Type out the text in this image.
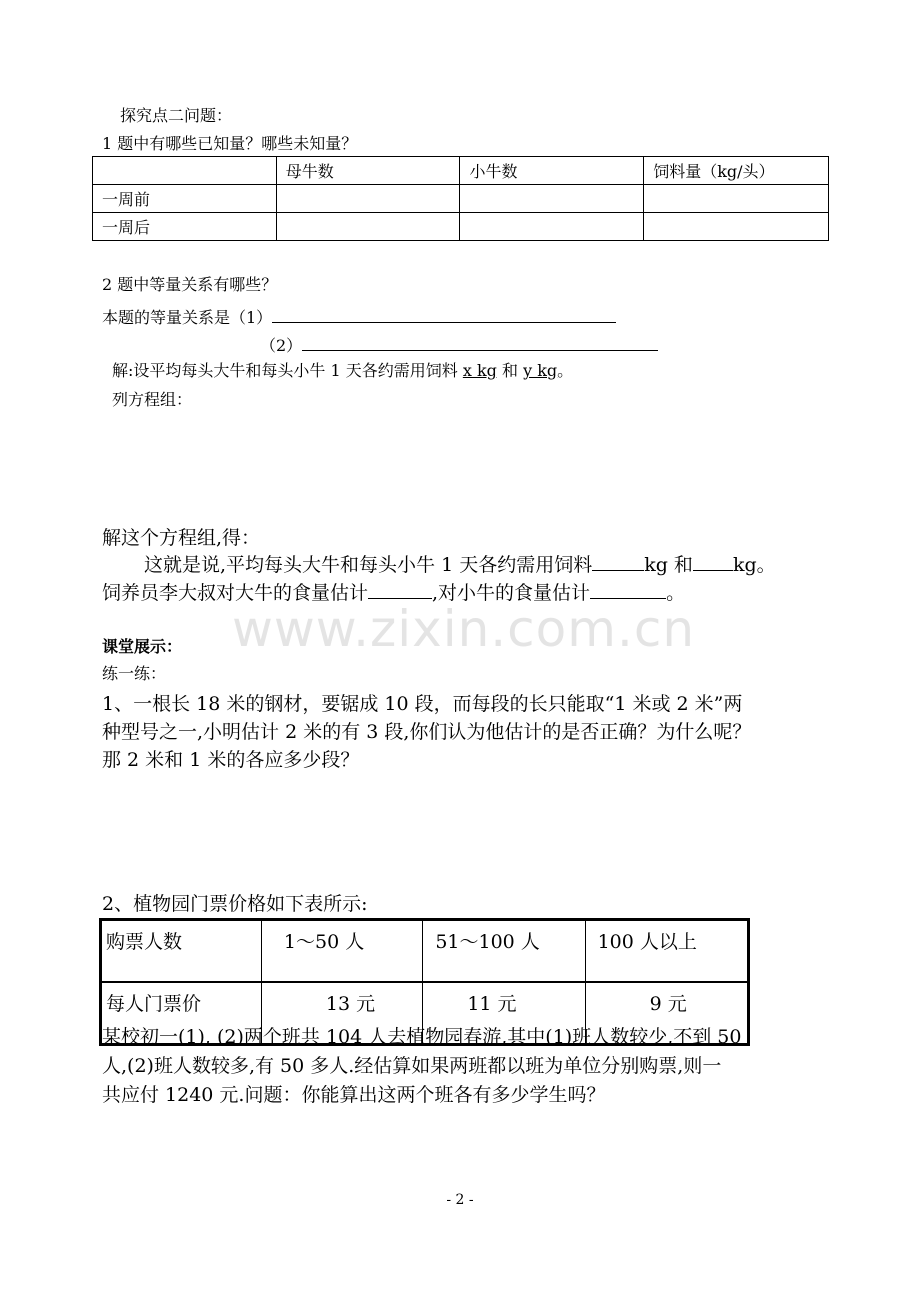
www.zixin.com.cn
探究点二问题：
1 题中有哪些已知量？哪些未知量？
	母牛数	小牛数	饲料量（kg/头）
一周前			
一周后			
2 题中等量关系有哪些？
本题的等量关系是（1）
（2）
解:设平均每头大牛和每头小牛 1 天各约需用饲料 x kg 和 y kg。
列方程组：
解这个方程组,得：
这就是说,平均每头大牛和每头小牛 1 天各约需用饲料	kg 和 kg。
饲养员李大叔对大牛的食量估计	,对小牛的食量估计	。
课堂展示：
练一练：
1、一根长 18 米的钢材，要锯成 10 段，而每段的长只能取“1 米或 2 米”两
种型号之一,小明估计 2 米的有 3 段,你们认为他估计的是否正确？为什么呢？
那 2 米和 1 米的各应多少段？
2、植物园门票价格如下表所示:
购票人数	1～50 人	51～100 人	100 人以上
每人门票价	13 元	11 元	9 元
某校初一(1), (2)两个班共 104 人去植物园春游,其中(1)班人数较少,不到 50
人,(2)班人数较多,有 50 多人.经估算如果两班都以班为单位分别购票,则一
共应付 1240 元.问题：你能算出这两个班各有多少学生吗？
- 2 -
